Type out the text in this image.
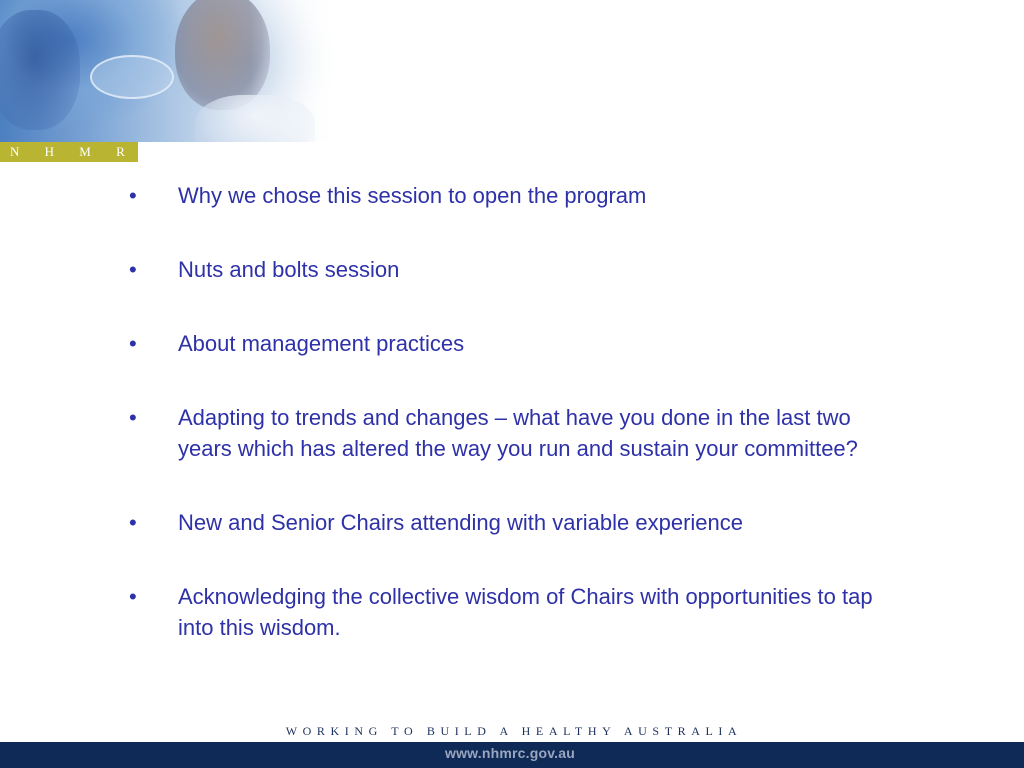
N H M R C
•	Why we chose this session to open the program
•	Nuts and bolts session
•	About management practices
•	Adapting to trends and changes – what have you done in the last two years which has altered the way you run and sustain your committee?
•	New and Senior Chairs attending with variable experience
•	Acknowledging the collective wisdom of Chairs with opportunities to tap into this wisdom.
WORKING TO BUILD A HEALTHY AUSTRALIA
www.nhmrc.gov.au
